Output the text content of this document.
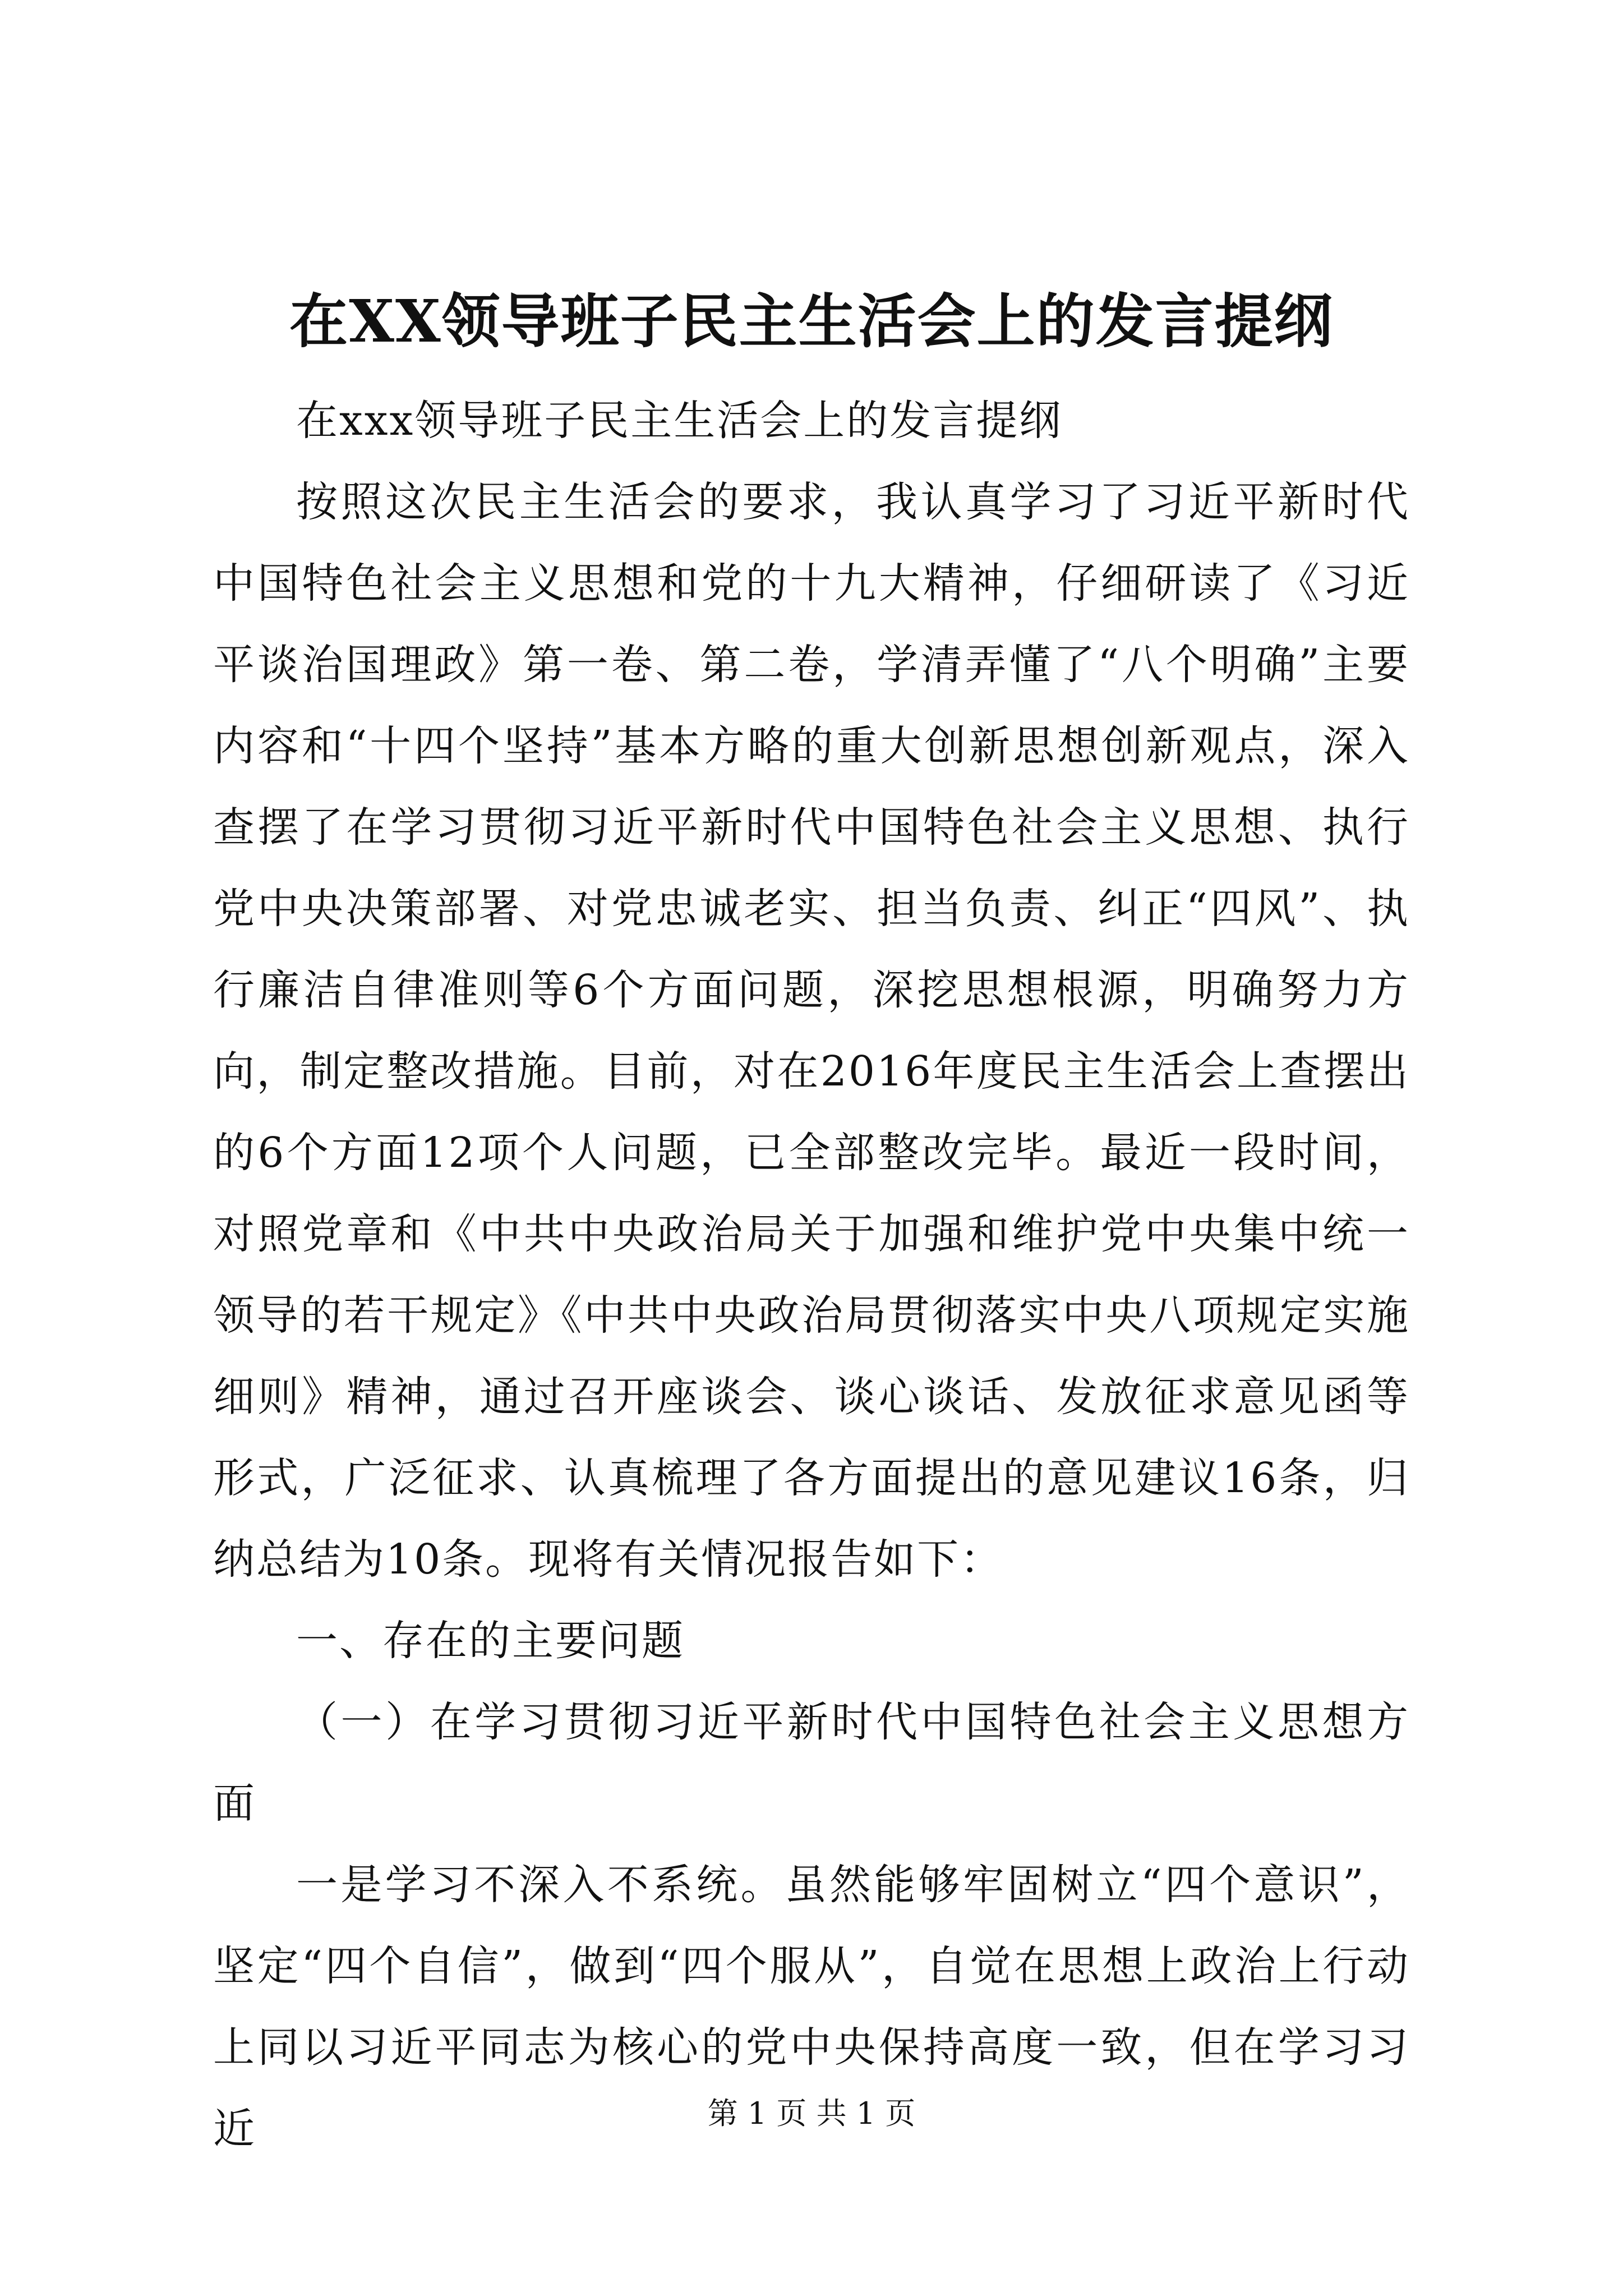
在XX领导班子民主生活会上的发言提纲

在xxx领导班子民主生活会上的发言提纲

按照这次民主生活会的要求，我认真学习了习近平新时代中国特色社会主义思想和党的十九大精神，仔细研读了《习近平谈治国理政》第一卷、第二卷，学清弄懂了“八个明确”主要内容和“十四个坚持”基本方略的重大创新思想创新观点，深入查摆了在学习贯彻习近平新时代中国特色社会主义思想、执行党中央决策部署、对党忠诚老实、担当负责、纠正“四风”、执行廉洁自律准则等6个方面问题，深挖思想根源，明确努力方向，制定整改措施。目前，对在2016年度民主生活会上查摆出的6个方面12项个人问题，已全部整改完毕。最近一段时间，对照党章和《中共中央政治局关于加强和维护党中央集中统一领导的若干规定》《中共中央政治局贯彻落实中央八项规定实施细则》精神，通过召开座谈会、谈心谈话、发放征求意见函等形式，广泛征求、认真梳理了各方面提出的意见建议16条，归纳总结为10条。现将有关情况报告如下：

一、存在的主要问题

（一）在学习贯彻习近平新时代中国特色社会主义思想方面

一是学习不深入不系统。虽然能够牢固树立“四个意识”，坚定“四个自信”，做到“四个服从”，自觉在思想上政治上行动上同以习近平同志为核心的党中央保持高度一致，但在学习习近	第 1 页 共 1 页
